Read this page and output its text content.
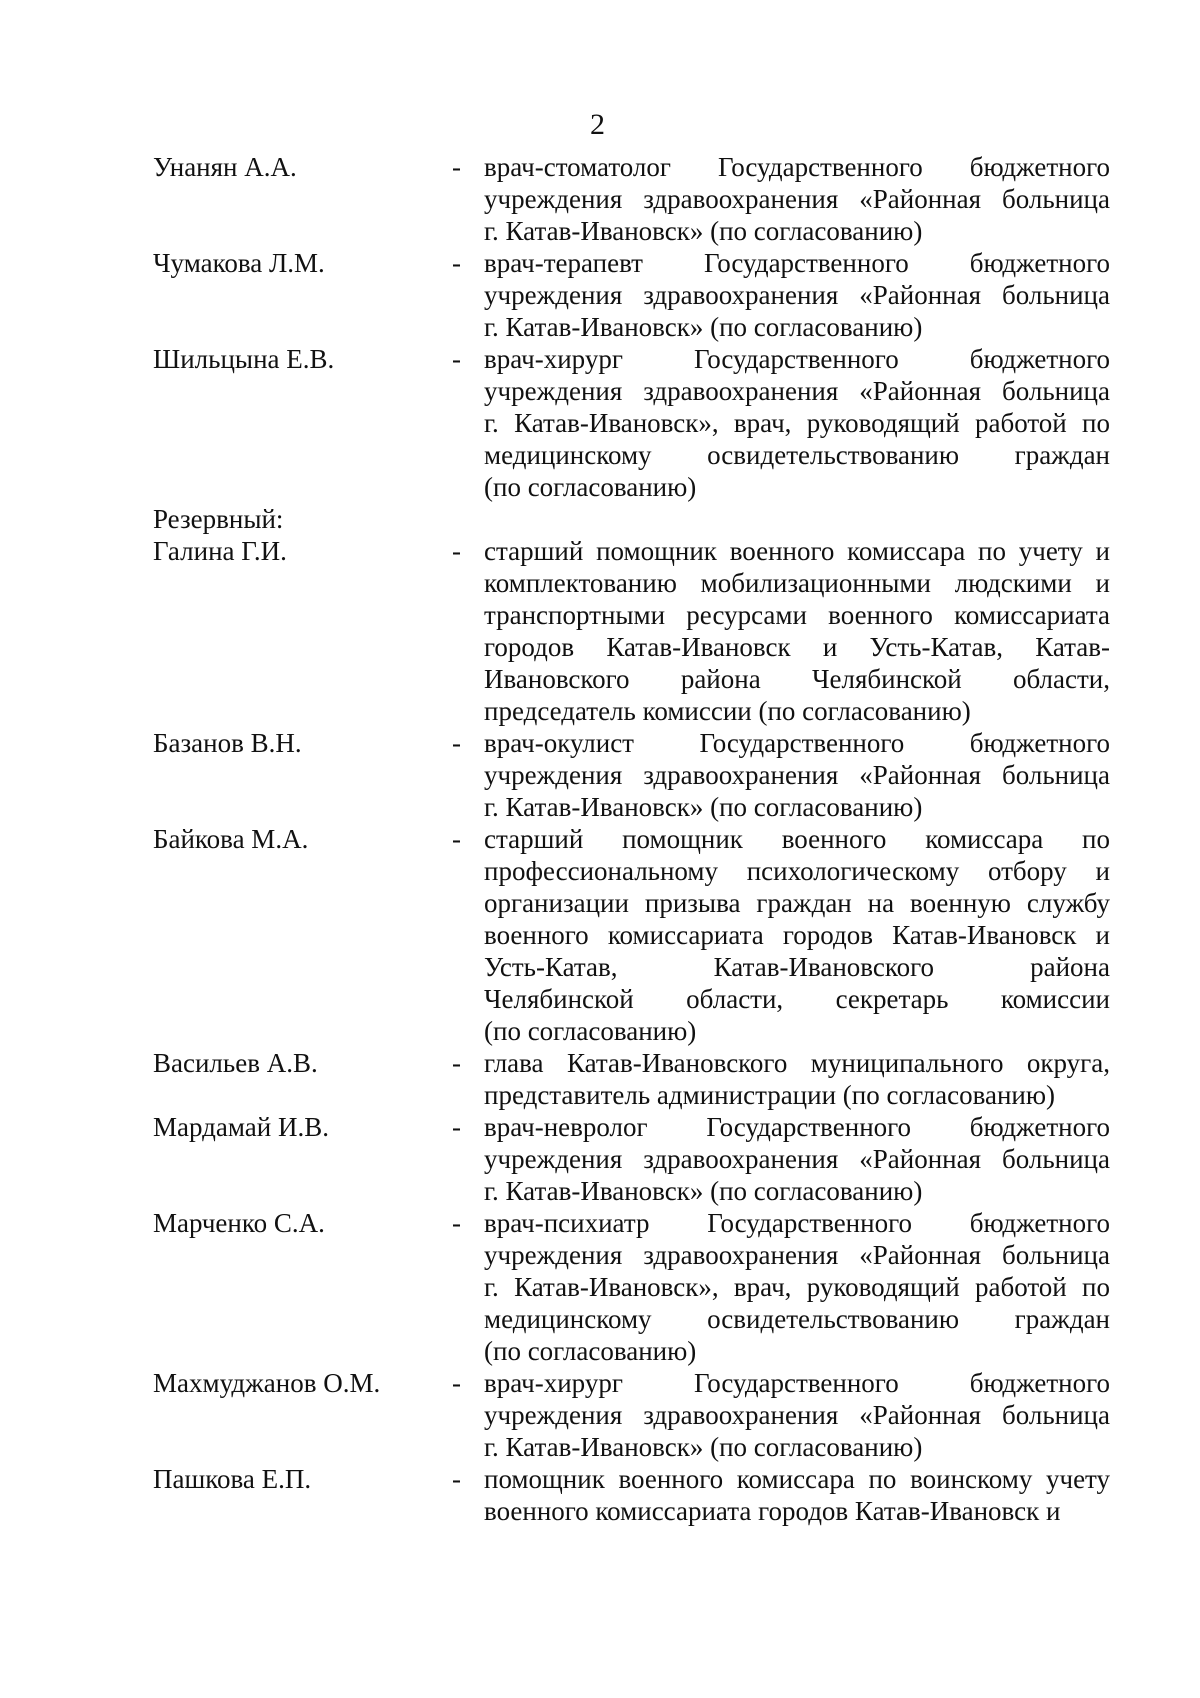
2
Унанян А.А.	- врач-стоматолог Государственного бюджетного
учреждения здравоохранения «Районная больница
г. Катав-Ивановск» (по согласованию)
Чумакова Л.М.	- врач-терапевт Государственного бюджетного
учреждения здравоохранения «Районная больница
г. Катав-Ивановск» (по согласованию)
Шильцына Е.В.	- врач-хирург Государственного бюджетного
учреждения здравоохранения «Районная больница
г. Катав-Ивановск», врач, руководящий работой по
медицинскому освидетельствованию граждан
(по согласованию)
Резервный:
Галина Г.И.	- старший помощник военного комиссара по учету и
комплектованию мобилизационными людскими и
транспортными ресурсами военного комиссариата
городов Катав-Ивановск и Усть-Катав, Катав-
Ивановского района Челябинской области,
председатель комиссии (по согласованию)
Базанов В.Н.	- врач-окулист Государственного бюджетного
учреждения здравоохранения «Районная больница
г. Катав-Ивановск» (по согласованию)
Байкова М.А.	- старший помощник военного комиссара по
профессиональному психологическому отбору и
организации призыва граждан на военную службу
военного комиссариата городов Катав-Ивановск и
Усть-Катав, Катав-Ивановского района
Челябинской области, секретарь комиссии
(по согласованию)
Васильев А.В.	- глава Катав-Ивановского муниципального округа,
представитель администрации (по согласованию)
Мардамай И.В.	- врач-невролог Государственного бюджетного
учреждения здравоохранения «Районная больница
г. Катав-Ивановск» (по согласованию)
Марченко С.А.	- врач-психиатр Государственного бюджетного
учреждения здравоохранения «Районная больница
г. Катав-Ивановск», врач, руководящий работой по
медицинскому освидетельствованию граждан
(по согласованию)
Махмуджанов О.М.	- врач-хирург Государственного бюджетного
учреждения здравоохранения «Районная больница
г. Катав-Ивановск» (по согласованию)
Пашкова Е.П.	- помощник военного комиссара по воинскому учету
военного комиссариата городов Катав-Ивановск и
